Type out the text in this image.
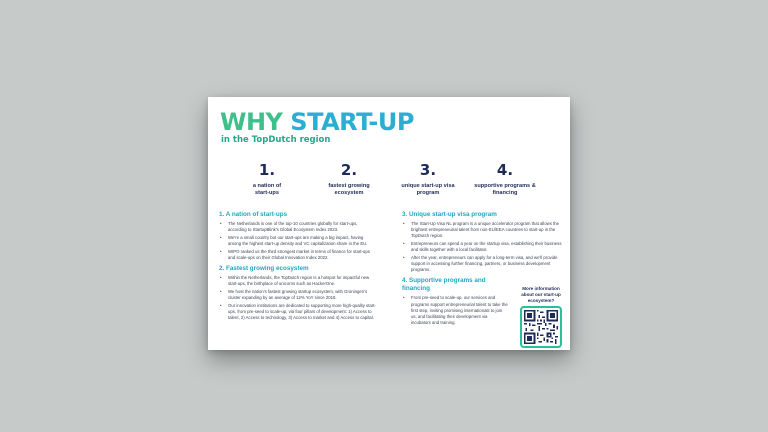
WHY START-UP
in the TopDutch region
1.
a nation of start-ups
2.
fastest growing ecosystem
3.
unique start-up visa program
4.
supportive programs & financing
1. A nation of start-ups
• The Netherlands is one of the top-10 countries globally for start-ups, according to StartupBlink's Global Ecosystem Index 2023.
• We're a small country but our start-ups are making a big impact, having among the highest start-up density and VC capitalization share in the EU.
• WIPO ranked us the third strongest market in terms of finance for start-ups and scale-ups on their Global Innovation Index 2022.
2. Fastest growing ecosystem
• Within the Netherlands, the TopDutch region is a hotspot for impactful new start-ups, the birthplace of unicorns such as HackerOne.
• We host the nation's fastest growing startup ecosystem, with Groningen's cluster expanding by an average of 12% YoY since 2018.
• Our innovation institutions are dedicated to supporting more high-quality start-ups, from pre-seed to scale-up, via four pillars of development: 1) Access to talent, 2) Access to technology, 3) Access to market and 4) Access to capital.
3. Unique start-up visa program
• The Start-Up Visa NL program is a unique accelerator program that allows the brightest entrepreneurial talent from non-EU/EEA countries to start-up in the TopDutch region.
• Entrepreneurs can spend a year on the startup visa, establishing their business and skills together with a local facilitator.
• After the year, entrepreneurs can apply for a long-term visa, and we'll provide support in accessing further financing, partners, or business development programs.
4. Supportive programs and financing
• From pre-seed to scale-up, our services and programs support entrepreneurial talent to take the first step, inviting promising internationals to join us, and facilitating their development via incubators and training.
More information about our start-up ecosystem?
